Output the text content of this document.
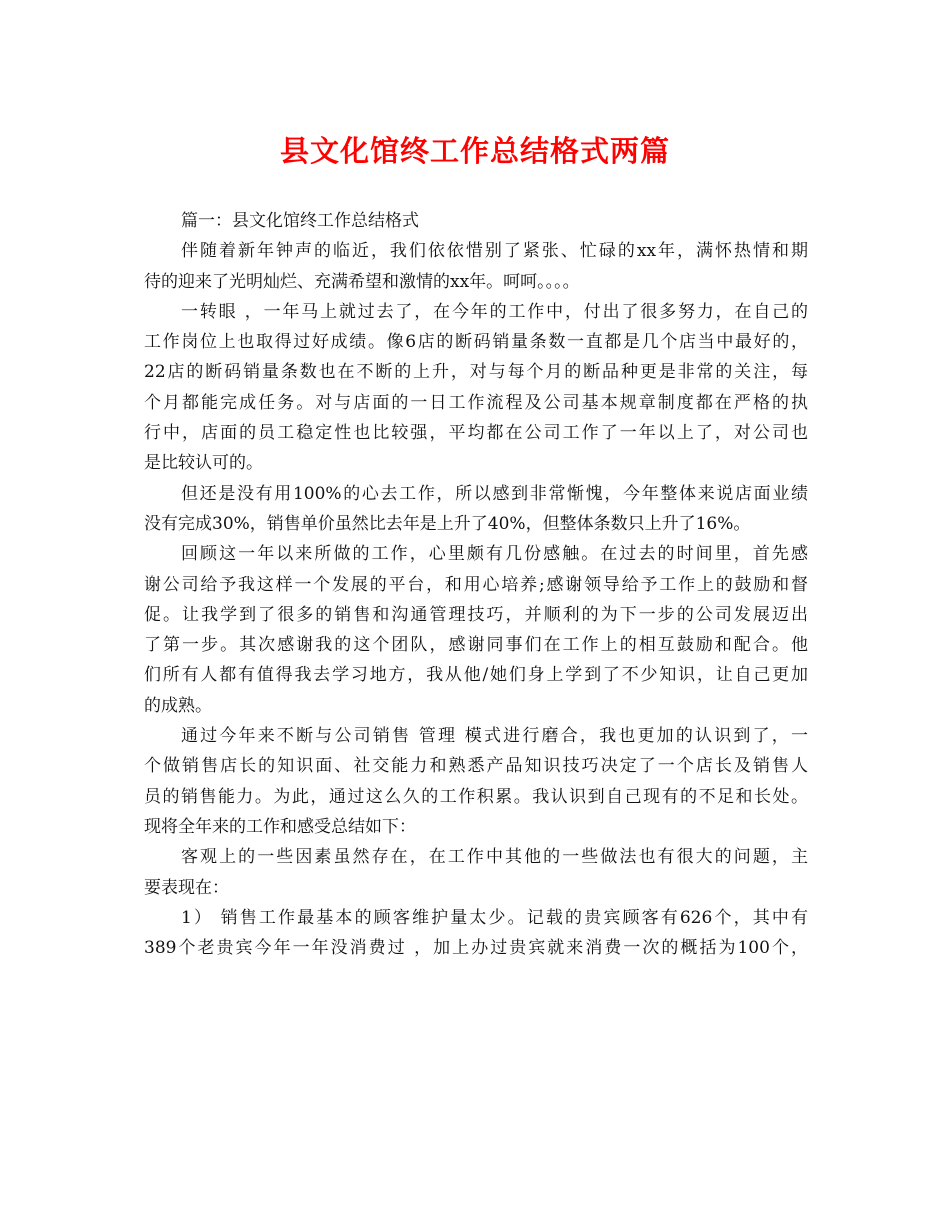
县文化馆终工作总结格式两篇
篇一：县文化馆终工作总结格式
伴随着新年钟声的临近，我们依依惜别了紧张、忙碌的xx年，满怀热情和期
待的迎来了光明灿烂、充满希望和激情的xx年。呵呵。。。。
一转眼 ，一年马上就过去了，在今年的工作中，付出了很多努力，在自己的
工作岗位上也取得过好成绩。像6店的断码销量条数一直都是几个店当中最好的，
22店的断码销量条数也在不断的上升，对与每个月的断品种更是非常的关注，每
个月都能完成任务。对与店面的一日工作流程及公司基本规章制度都在严格的执
行中，店面的员工稳定性也比较强，平均都在公司工作了一年以上了，对公司也
是比较认可的。
但还是没有用100%的心去工作，所以感到非常惭愧，今年整体来说店面业绩
没有完成30%，销售单价虽然比去年是上升了40%，但整体条数只上升了16%。
回顾这一年以来所做的工作，心里颇有几份感触。在过去的时间里，首先感
谢公司给予我这样一个发展的平台，和用心培养;感谢领导给予工作上的鼓励和督
促。让我学到了很多的销售和沟通管理技巧，并顺利的为下一步的公司发展迈出
了第一步。其次感谢我的这个团队，感谢同事们在工作上的相互鼓励和配合。他
们所有人都有值得我去学习地方，我从他/她们身上学到了不少知识，让自己更加
的成熟。
通过今年来不断与公司销售 管理 模式进行磨合，我也更加的认识到了，一
个做销售店长的知识面、社交能力和熟悉产品知识技巧决定了一个店长及销售人
员的销售能力。为此，通过这么久的工作积累。我认识到自己现有的不足和长处。
现将全年来的工作和感受总结如下：
客观上的一些因素虽然存在，在工作中其他的一些做法也有很大的问题，主
要表现在：
1） 销售工作最基本的顾客维护量太少。记载的贵宾顾客有626个，其中有
389个老贵宾今年一年没消费过 ，加上办过贵宾就来消费一次的概括为100个，
